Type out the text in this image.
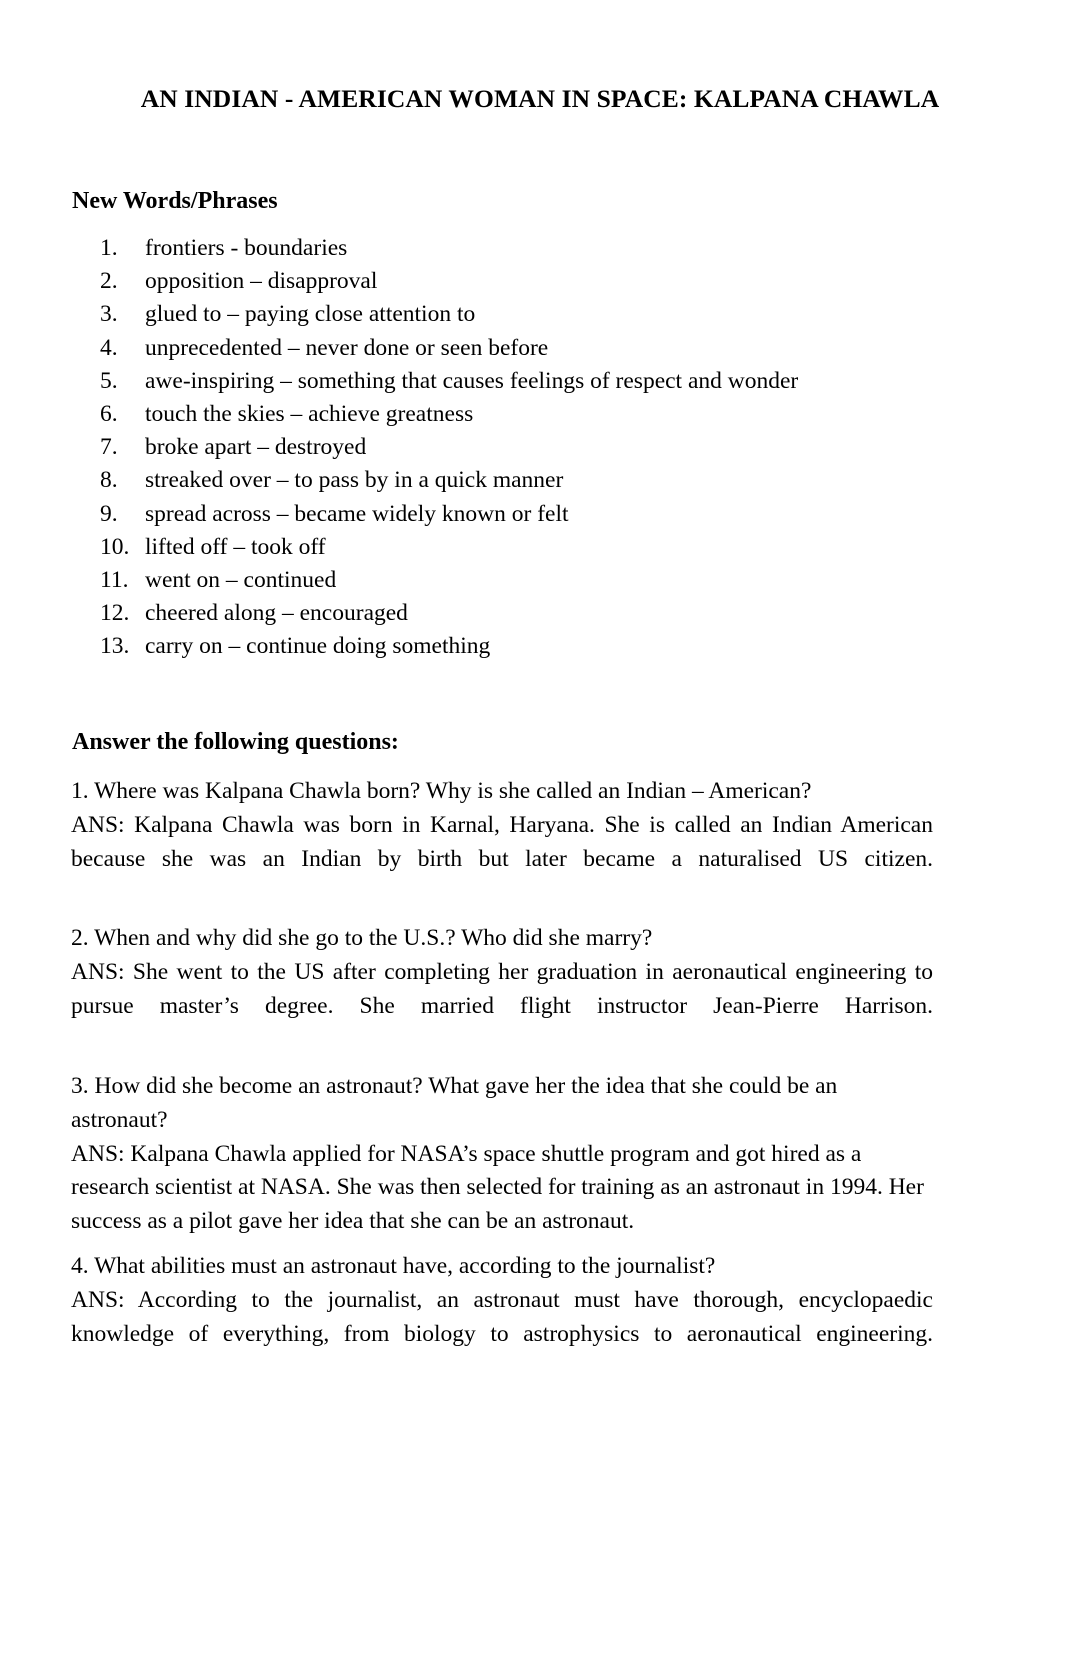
AN INDIAN - AMERICAN WOMAN IN SPACE: KALPANA CHAWLA
New Words/Phrases
1. frontiers - boundaries
2. opposition – disapproval
3. glued to – paying close attention to
4. unprecedented – never done or seen before
5. awe-inspiring – something that causes feelings of respect and wonder
6. touch the skies – achieve greatness
7. broke apart – destroyed
8. streaked over – to pass by in a quick manner
9. spread across – became widely known or felt
10. lifted off – took off
11. went on – continued
12. cheered along – encouraged
13. carry on – continue doing something
Answer the following questions:
1. Where was Kalpana Chawla born? Why is she called an Indian – American?
ANS: Kalpana Chawla was born in Karnal, Haryana. She is called an Indian American because she was an Indian by birth but later became a naturalised US citizen.
2. When and why did she go to the U.S.? Who did she marry?
ANS: She went to the US after completing her graduation in aeronautical engineering to pursue master’s degree. She married flight instructor Jean-Pierre Harrison.
3. How did she become an astronaut? What gave her the idea that she could be an astronaut?
ANS: Kalpana Chawla applied for NASA’s space shuttle program and got hired as a research scientist at NASA. She was then selected for training as an astronaut in 1994. Her success as a pilot gave her idea that she can be an astronaut.
4. What abilities must an astronaut have, according to the journalist?
ANS: According to the journalist, an astronaut must have thorough, encyclopaedic knowledge of everything, from biology to astrophysics to aeronautical engineering.
